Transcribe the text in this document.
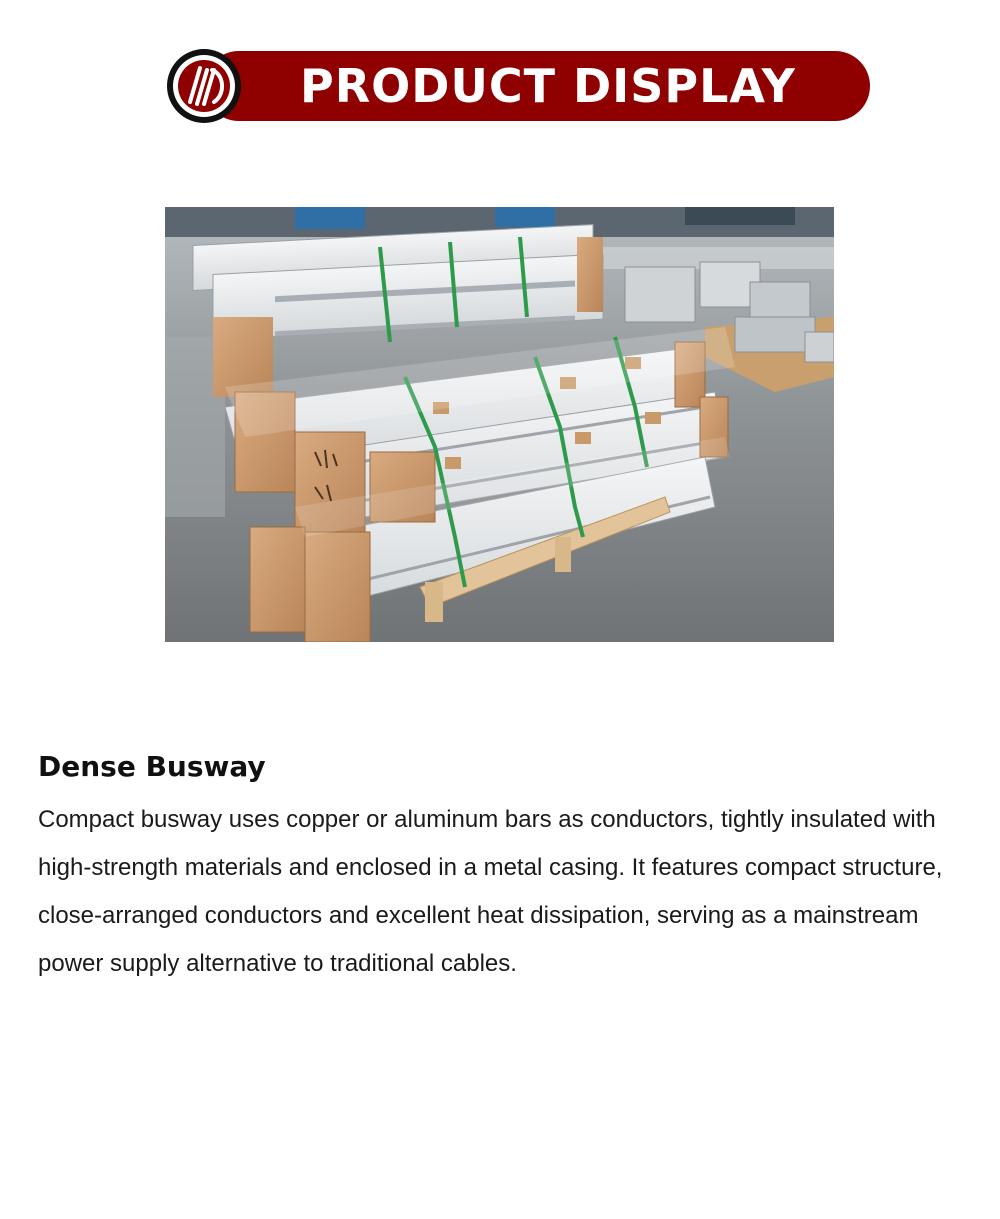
PRODUCT DISPLAY
Dense Busway

Compact busway uses copper or aluminum bars as conductors, tightly insulated with high-strength materials and enclosed in a metal casing. It features compact structure, close-arranged conductors and excellent heat dissipation, serving as a mainstream power supply alternative to traditional cables.
